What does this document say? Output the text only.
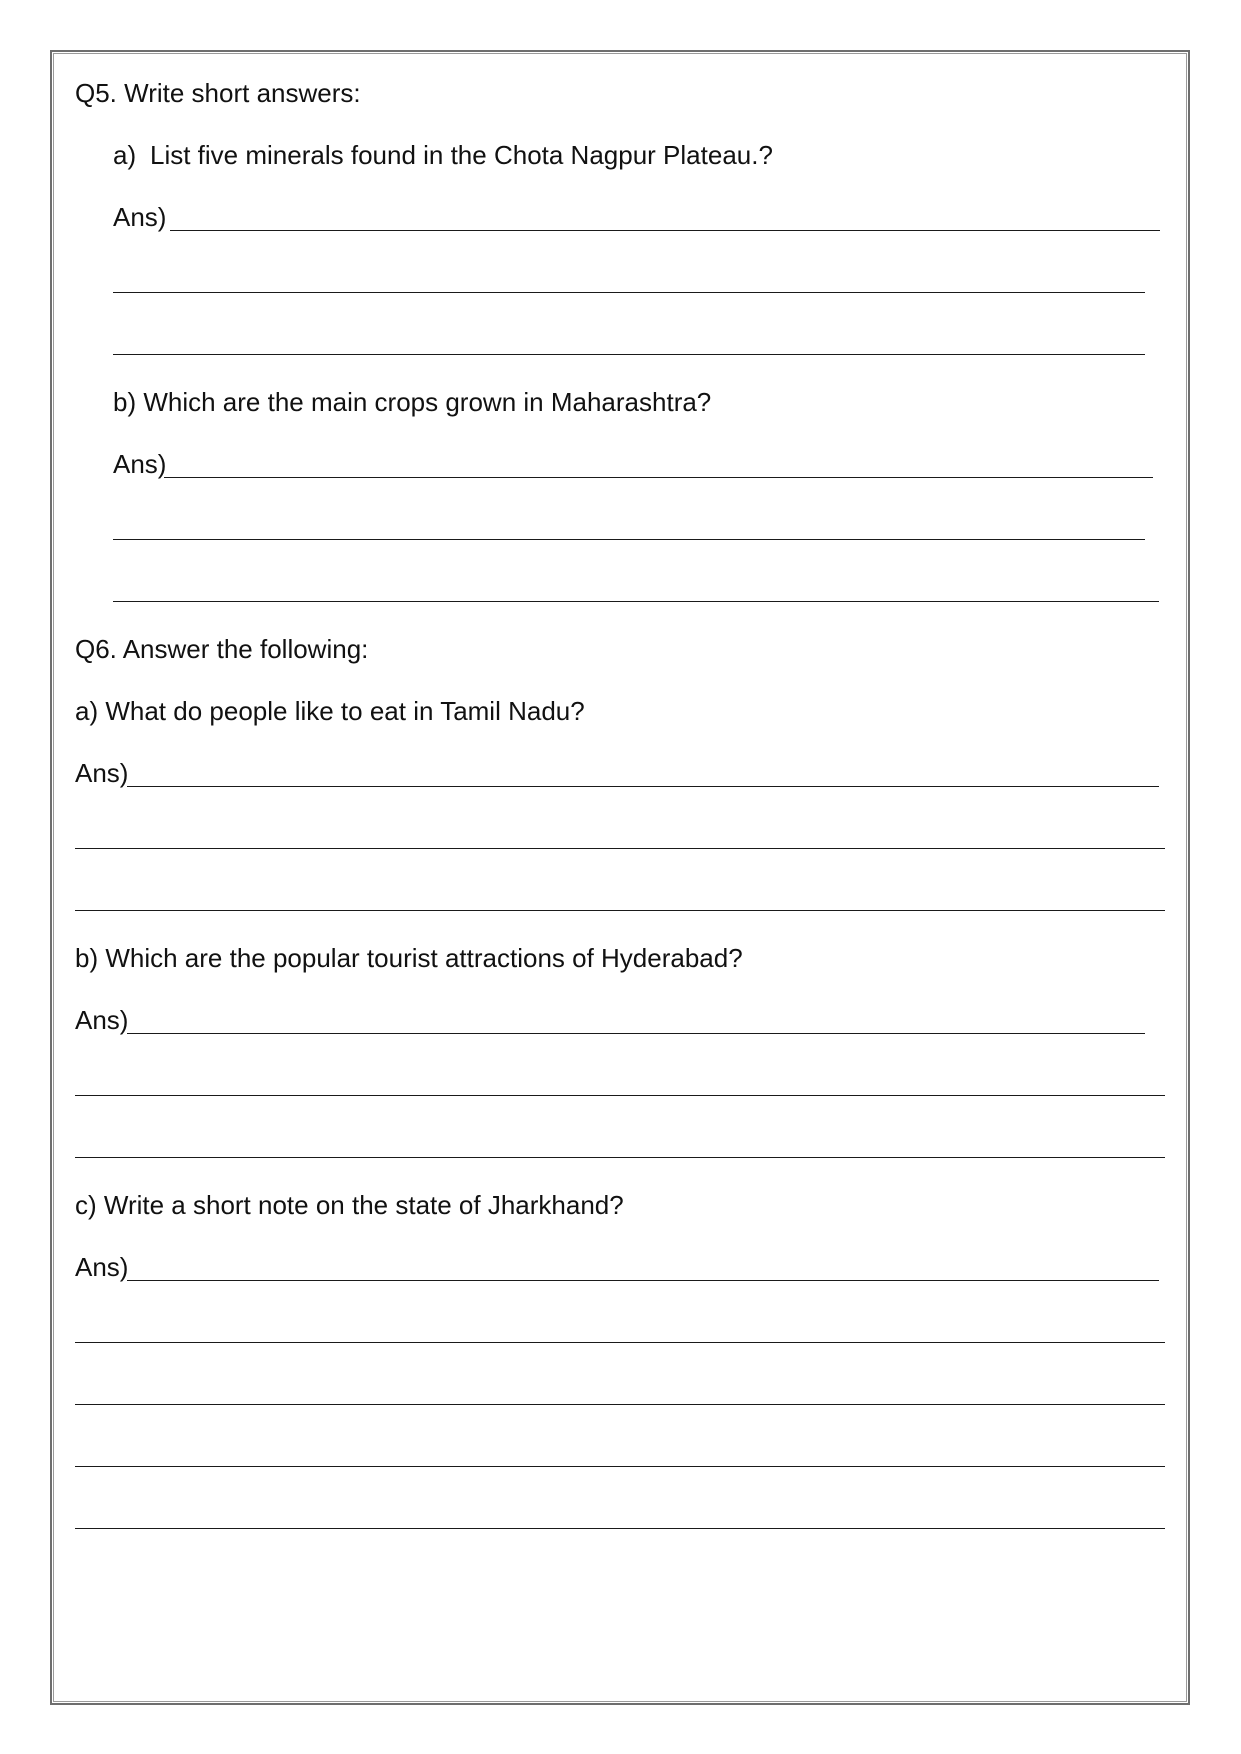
Q5. Write short answers:
a) List five minerals found in the Chota Nagpur Plateau.?
Ans)
b) Which are the main crops grown in Maharashtra?
Ans)
Q6. Answer the following:
a) What do people like to eat in Tamil Nadu?
Ans)
b) Which are the popular tourist attractions of Hyderabad?
Ans)
c) Write a short note on the state of Jharkhand?
Ans)
